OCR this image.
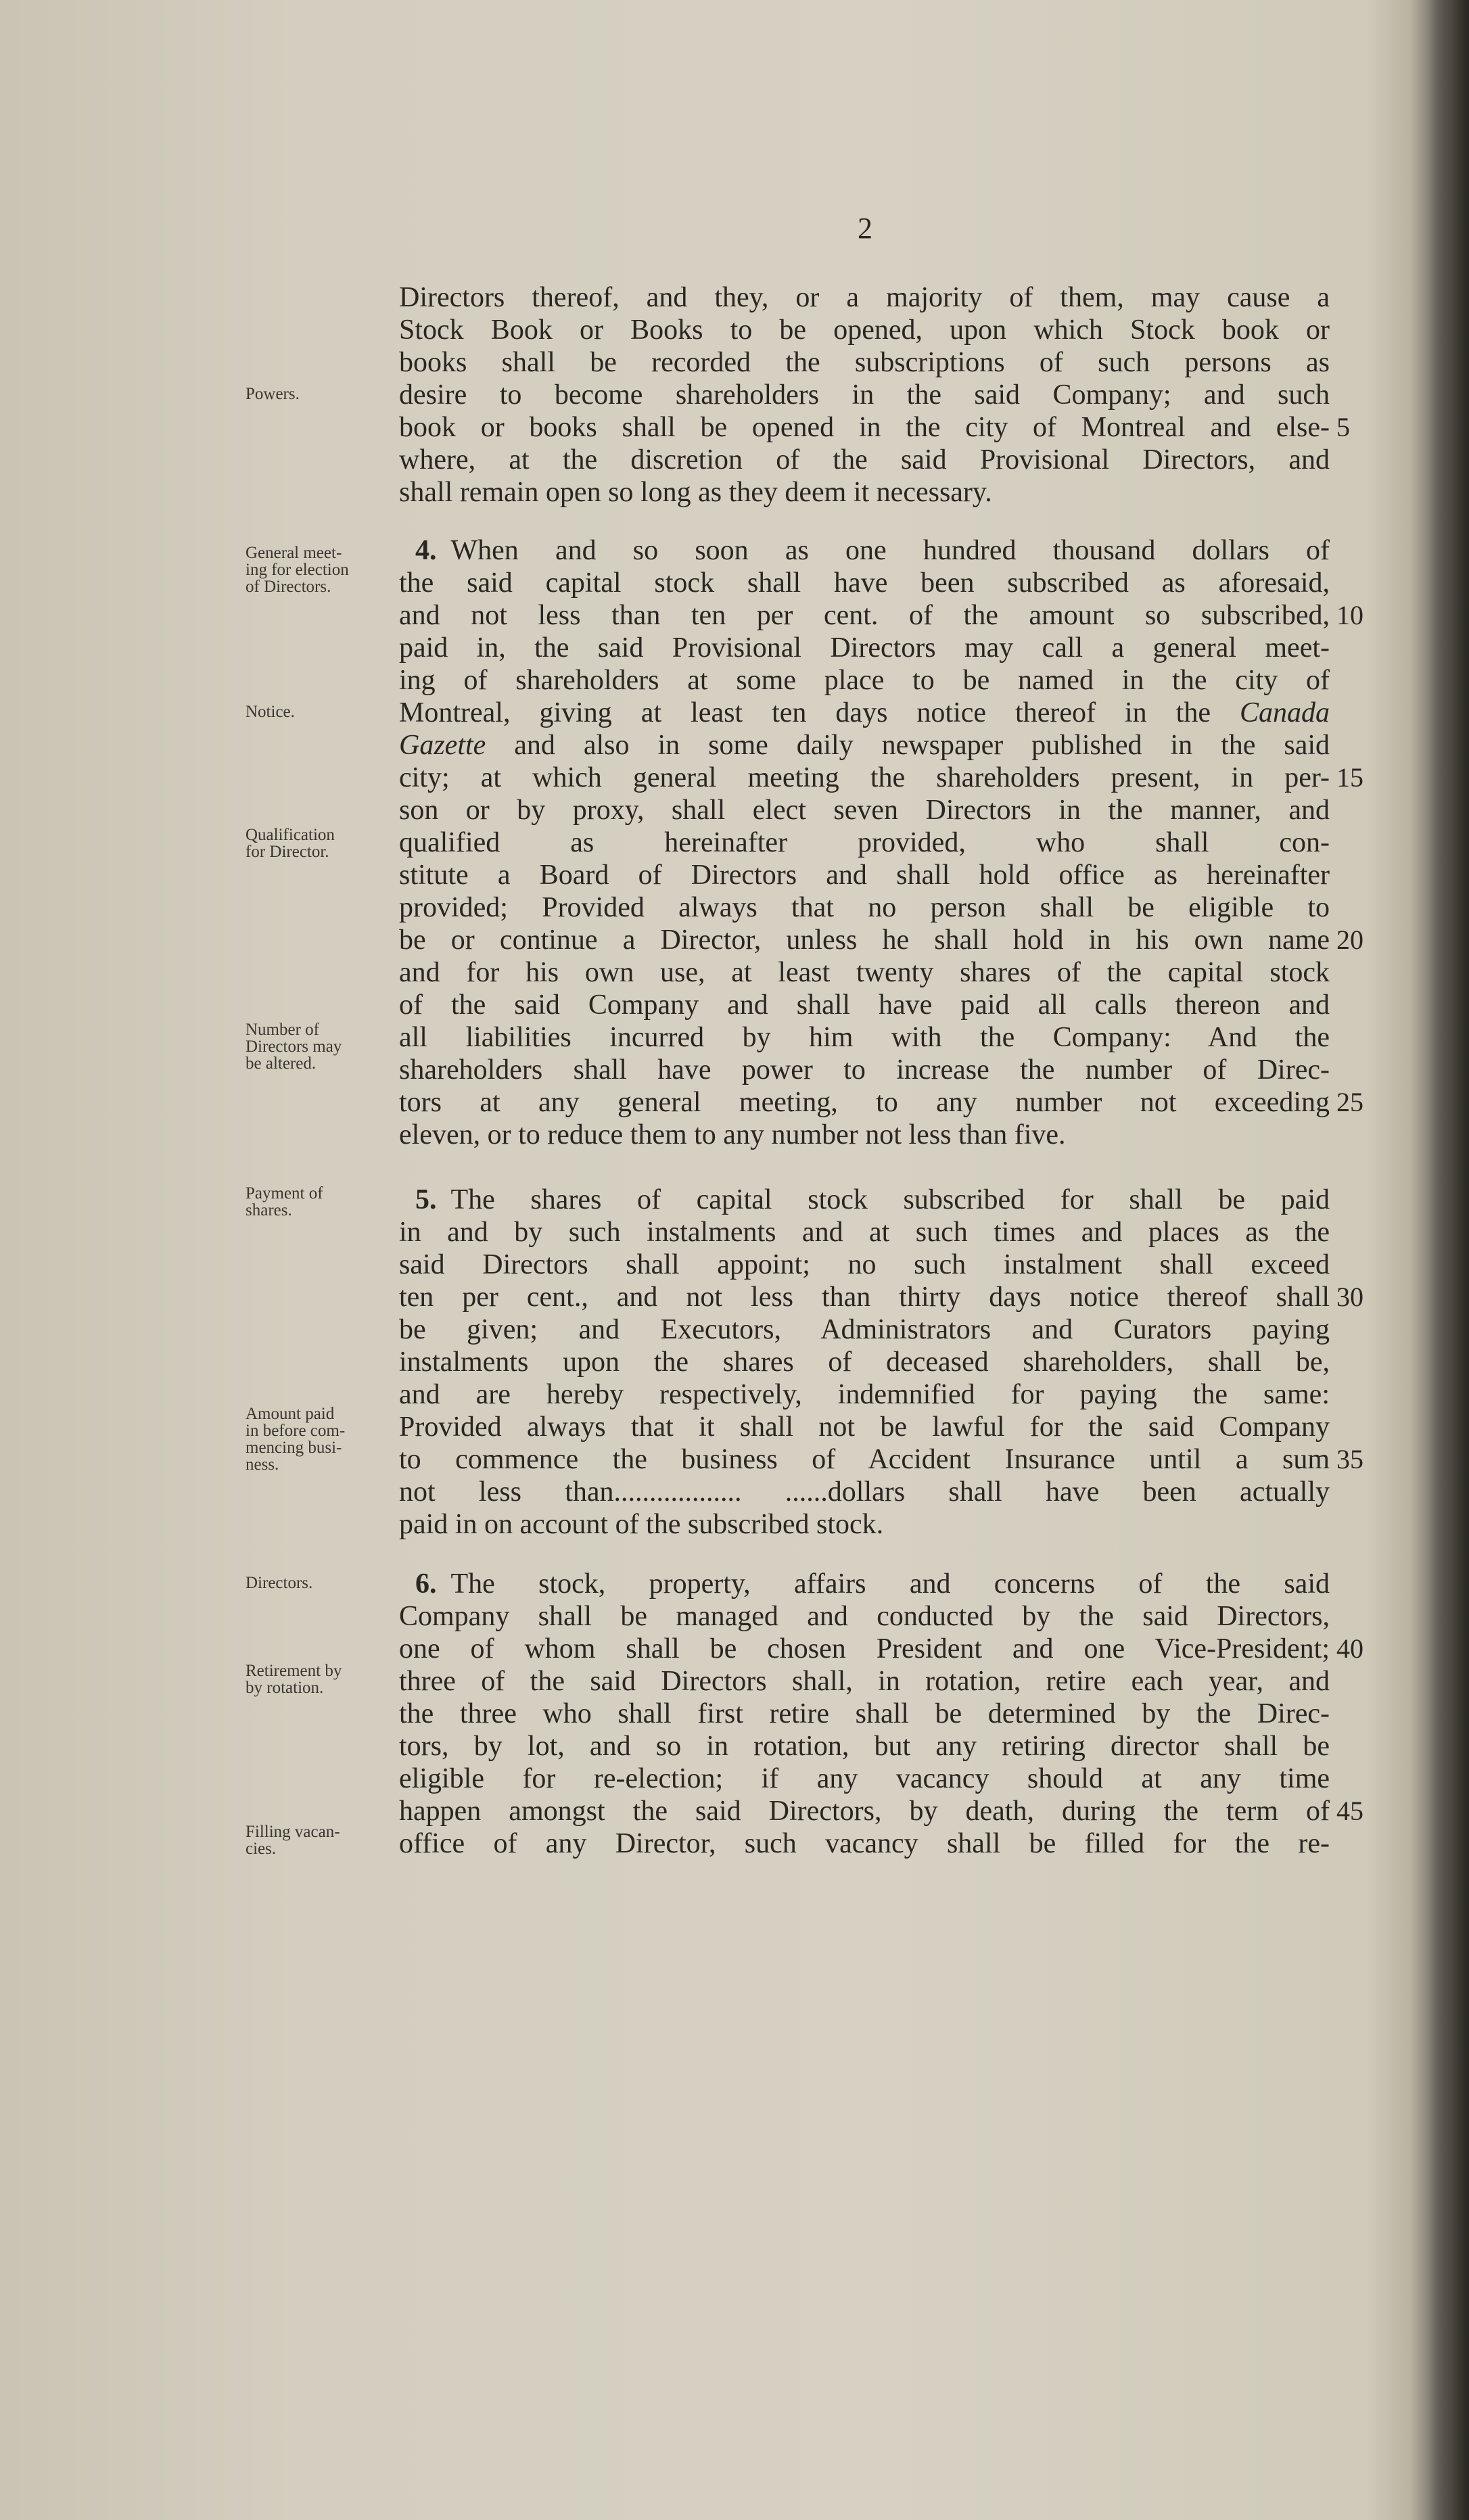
2
Directors thereof, and they, or a majority of them, may cause a
Stock Book or Books to be opened, upon which Stock book or
books shall be recorded the subscriptions of such persons as
desire to become shareholders in the said Company; and such
book or books shall be opened in the city of Montreal and else-
where, at the discretion of the said Provisional Directors, and
shall remain open so long as they deem it necessary.
4.  When and so soon as one hundred thousand dollars of
the said capital stock shall have been subscribed as aforesaid,
and not less than ten per cent. of the amount so subscribed,
paid in, the said Provisional Directors may call a general meet-
ing of shareholders at some place to be named in the city of
Montreal, giving at least ten days notice thereof in the Canada
Gazette and also in some daily newspaper published in the said
city; at which general meeting the shareholders present, in per-
son or by proxy, shall elect seven Directors in the manner, and
qualified as hereinafter provided, who shall con-
stitute a Board of Directors and shall hold office as hereinafter
provided; Provided always that no person shall be eligible to
be or continue a Director, unless he shall hold in his own name
and for his own use, at least twenty shares of the capital stock
of the said Company and shall have paid all calls thereon and
all liabilities incurred by him with the Company: And the
shareholders shall have power to increase the number of Direc-
tors at any general meeting, to any number not exceeding
eleven, or to reduce them to any number not less than five.
5.  The shares of capital stock subscribed for shall be paid
in and by such instalments and at such times and places as the
said Directors shall appoint; no such instalment shall exceed
ten per cent., and not less than thirty days notice thereof shall
be given; and Executors, Administrators and Curators paying
instalments upon the shares of deceased shareholders, shall be,
and are hereby respectively, indemnified for paying the same:
Provided always that it shall not be lawful for the said Company
to commence the business of Accident Insurance until a sum
not less than.................. ......dollars shall have been actually
paid in on account of the subscribed stock.
6.  The stock, property, affairs and concerns of the said
Company shall be managed and conducted by the said Directors,
one of whom shall be chosen President and one Vice-President;
three of the said Directors shall, in rotation, retire each year, and
the three who shall first retire shall be determined by the Direc-
tors, by lot, and so in rotation, but any retiring director shall be
eligible for re-election; if any vacancy should at any time
happen amongst the said Directors, by death, during the term of
office of any Director, such vacancy shall be filled for the re-
5
10
15
20
25
30
35
40
45
Powers.
General meet-
ing for election
of Directors.
Notice.
Qualification
for Director.
Number of
Directors may
be altered.
Payment of
shares.
Amount paid
in before com-
mencing busi-
ness.
Directors.
Retirement by
by rotation.
Filling vacan-
cies.
